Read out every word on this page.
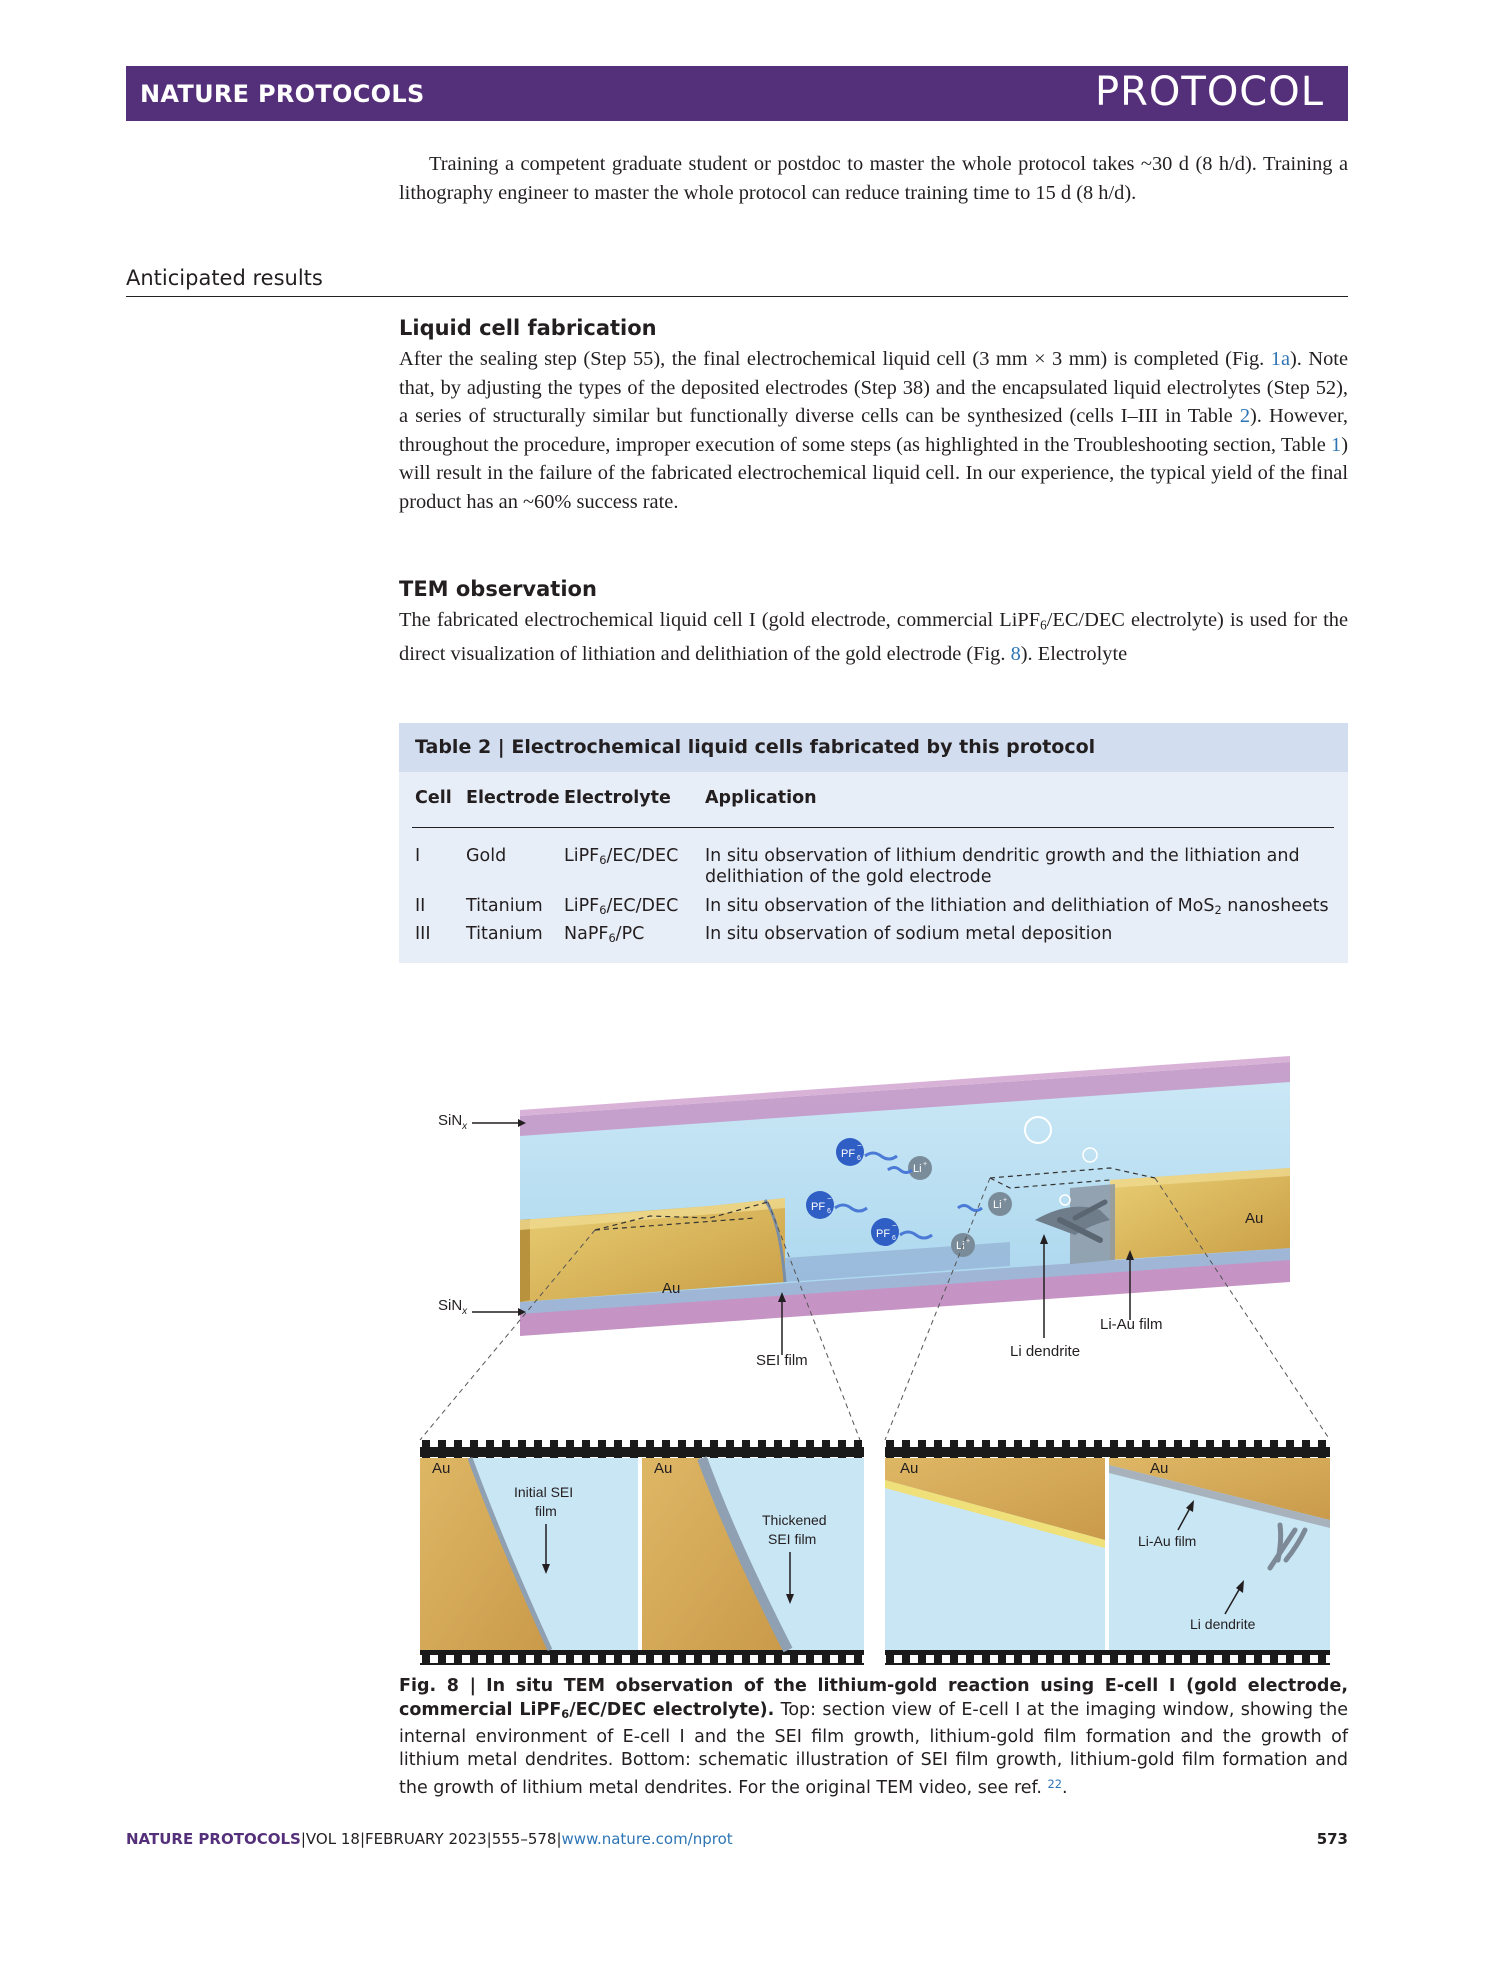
NATURE PROTOCOLS	PROTOCOL

Training a competent graduate student or postdoc to master the whole protocol takes ~30 d (8 h/d). Training a lithography engineer to master the whole protocol can reduce training time to 15 d (8 h/d).

Anticipated results
Liquid cell fabrication

After the sealing step (Step 55), the final electrochemical liquid cell (3 mm × 3 mm) is completed (Fig. 1a). Note that, by adjusting the types of the deposited electrodes (Step 38) and the encapsulated liquid electrolytes (Step 52), a series of structurally similar but functionally diverse cells can be synthesized (cells I–III in Table 2). However, throughout the procedure, improper execution of some steps (as highlighted in the Troubleshooting section, Table 1) will result in the failure of the fabricated electrochemical liquid cell. In our experience, the typical yield of the final product has an ~60% success rate.

TEM observation

The fabricated electrochemical liquid cell I (gold electrode, commercial LiPF$_6$/EC/DEC electrolyte) is used for the direct visualization of lithiation and delithiation of the gold electrode (Fig. 8). Electrolyte

Table 2 | Electrochemical liquid cells fabricated by this protocol
Cell Electrode Electrolyte Application
I	Gold	LiPF$_6$/EC/DEC In situ observation of lithium dendritic growth and the lithiation and
delithiation of the gold electrode
II Titanium LiPF$_6$/EC/DEC In situ observation of the lithiation and delithiation of MoS$_2$ nanosheets
III Titanium NaPF$_6$/PC	In situ observation of sodium metal deposition
PF 6
−
Li +
PF 6
−
PF 6
−
Li +
Li +
SiN$_x$
SiN$_x$
Au
Au
SEI film
Li dendrite
Li-Au film
Au	Au
Initial SEI
film
Thickened
SEI film
Au	Au
Li-Au film
Li dendrite
Fig. 8 | In situ TEM observation of the lithium-gold reaction using E-cell I (gold electrode, commercial LiPF$_6$/EC/DEC electrolyte). Top: section view of E-cell I at the imaging window, showing the internal environment of E-cell I and the SEI film growth, lithium-gold film formation and the growth of lithium metal dendrites. Bottom: schematic illustration of SEI film growth, lithium-gold film formation and the growth of lithium metal dendrites. For the original TEM video, see ref. $^{22}$.
NATURE PROTOCOLS|VOL 18|FEBRUARY 2023|555–578|www.nature.com/nprot	573
